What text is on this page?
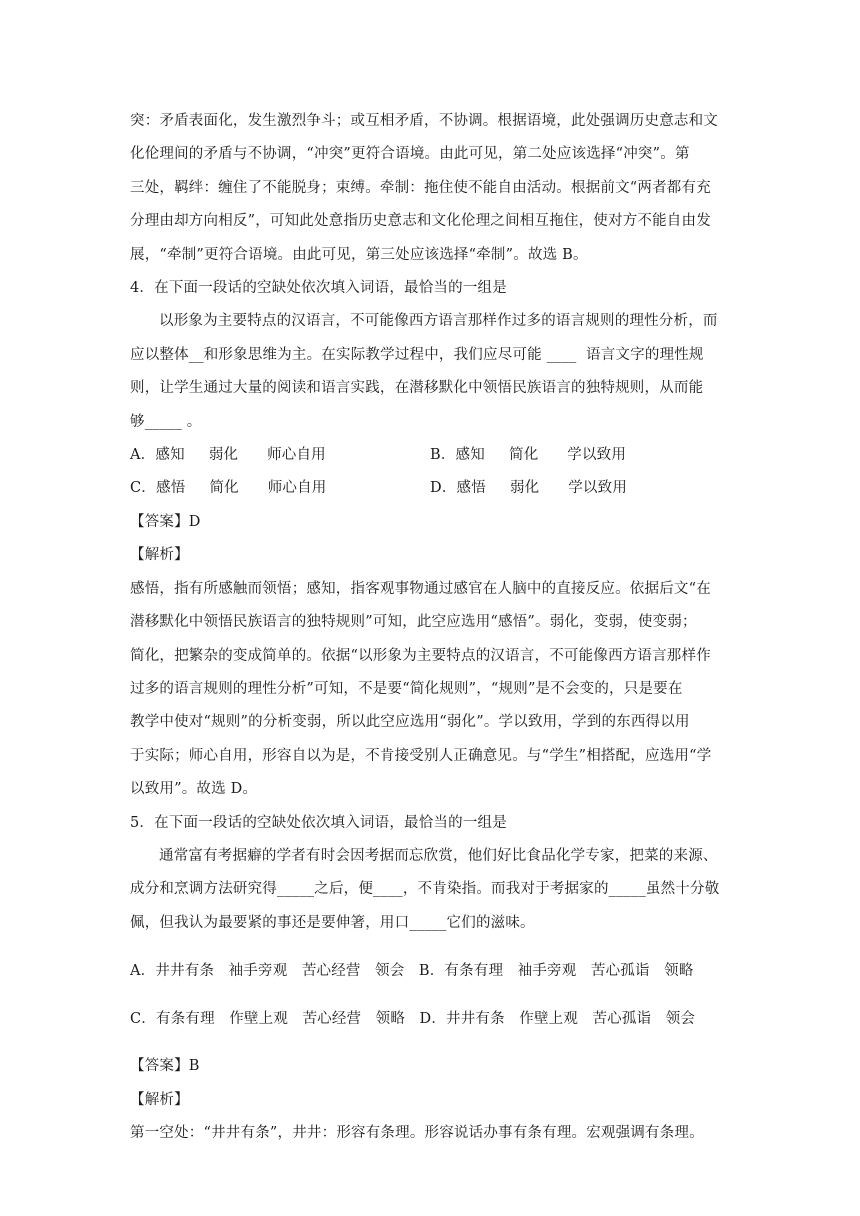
突：矛盾表面化，发生激烈争斗；或互相矛盾，不协调。根据语境，此处强调历史意志和文

化伦理间的矛盾与不协调，“冲突”更符合语境。由此可见，第二处应该选择“冲突”。第

三处，羁绊：缠住了不能脱身；束缚。牵制：拖住使不能自由活动。根据前文“两者都有充

分理由却方向相反”，可知此处意指历史意志和文化伦理之间相互拖住，使对方不能自由发

展，“牵制”更符合语境。由此可见，第三处应该选择“牵制”。故选 B。

4．在下面一段话的空缺处依次填入词语，最恰当的一组是

以形象为主要特点的汉语言，不可能像西方语言那样作过多的语言规则的理性分析，而

应以整体__和形象思维为主。在实际教学过程中，我们应尽可能 ____  语言文字的理性规

则，让学生通过大量的阅读和语言实践，在潜移默化中领悟民族语言的独特规则，从而能

够_____ 。

A．感知     弱化      师心自用	B．感知     简化      学以致用
C．感悟     简化      师心自用	D．感悟     弱化      学以致用

【答案】D

【解析】

感悟，指有所感触而领悟；感知，指客观事物通过感官在人脑中的直接反应。依据后文“在

潜移默化中领悟民族语言的独特规则”可知，此空应选用“感悟”。弱化，变弱，使变弱；

简化，把繁杂的变成简单的。依据“以形象为主要特点的汉语言，不可能像西方语言那样作

过多的语言规则的理性分析”可知，不是要“简化规则”，“规则”是不会变的，只是要在

教学中使对“规则”的分析变弱，所以此空应选用“弱化”。学以致用，学到的东西得以用

于实际；师心自用，形容自以为是，不肯接受别人正确意见。与“学生”相搭配，应选用“学

以致用”。故选 D。

5．在下面一段话的空缺处依次填入词语，最恰当的一组是

通常富有考据癖的学者有时会因考据而忘欣赏，他们好比食品化学专家，把菜的来源、

成分和烹调方法研究得_____之后，便____，不肯染指。而我对于考据家的_____虽然十分敬

佩，但我认为最要紧的事还是要伸箸，用口_____它们的滋味。

A．井井有条   袖手旁观   苦心经营   领会   B．有条有理   袖手旁观   苦心孤诣   领略

C．有条有理   作壁上观   苦心经营   领略   D．井井有条   作壁上观   苦心孤诣   领会

【答案】B

【解析】

第一空处：“井井有条”，井井：形容有条理。形容说话办事有条有理。宏观强调有条理。
